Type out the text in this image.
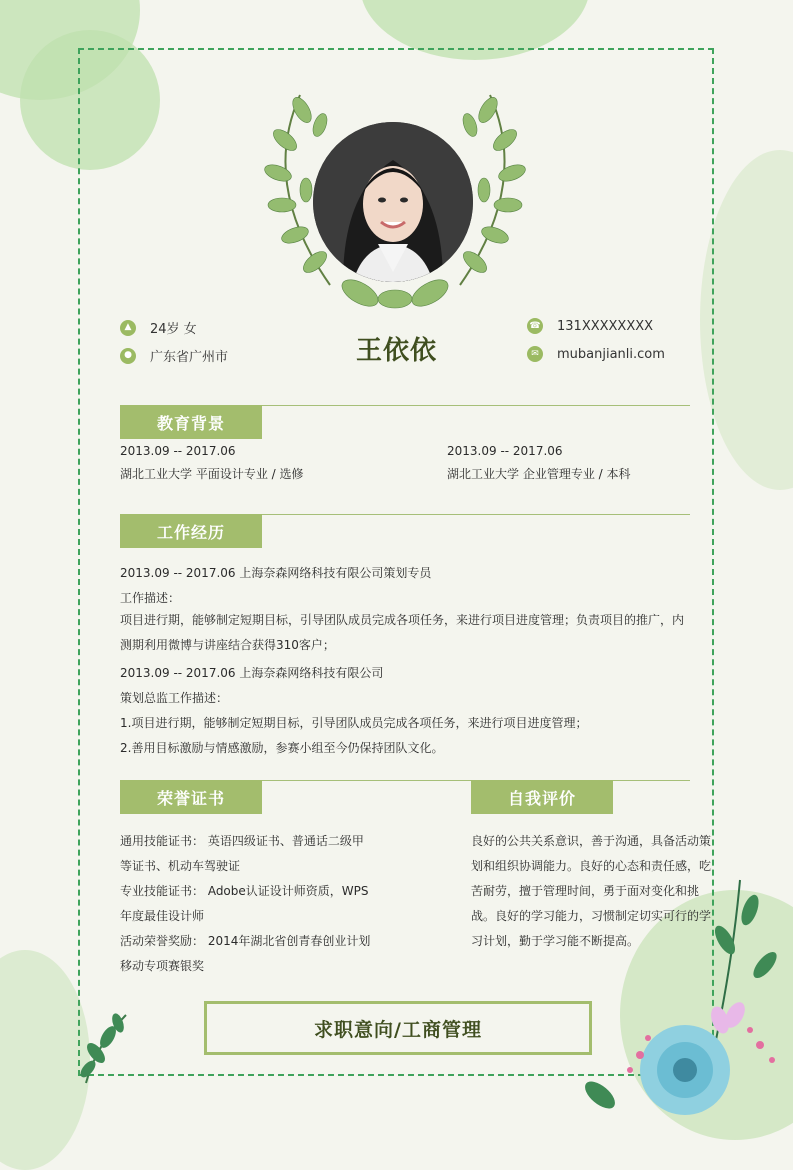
▲	24岁 女
●	广东省广州市	王依依
☎ 131XXXXXXXX
✉	mubanjianli.com
教育背景
2013.09 -- 2017.06
湖北工业大学 平面设计专业 / 选修
2013.09 -- 2017.06
湖北工业大学 企业管理专业 / 本科
工作经历
2013.09 -- 2017.06 上海奈森网络科技有限公司策划专员
工作描述：
项目进行期，能够制定短期目标，引导团队成员完成各项任务，来进行项目进度管理；负责项目的推广，内测期利用微博与讲座结合获得310客户；
2013.09 -- 2017.06 上海奈森网络科技有限公司
策划总监工作描述：
1.项目进行期，能够制定短期目标，引导团队成员完成各项任务，来进行项目进度管理；
2.善用目标激励与情感激励，参赛小组至今仍保持团队文化。
荣誉证书
通用技能证书： 英语四级证书、普通话二级甲等证书、机动车驾驶证
专业技能证书： Adobe认证设计师资质，WPS年度最佳设计师
活动荣誉奖励： 2014年湖北省创青春创业计划移动专项赛银奖
自我评价
良好的公共关系意识，善于沟通，具备活动策划和组织协调能力。良好的心态和责任感，吃苦耐劳，擅于管理时间，勇于面对变化和挑战。良好的学习能力，习惯制定切实可行的学习计划，勤于学习能不断提高。
求职意向/工商管理
